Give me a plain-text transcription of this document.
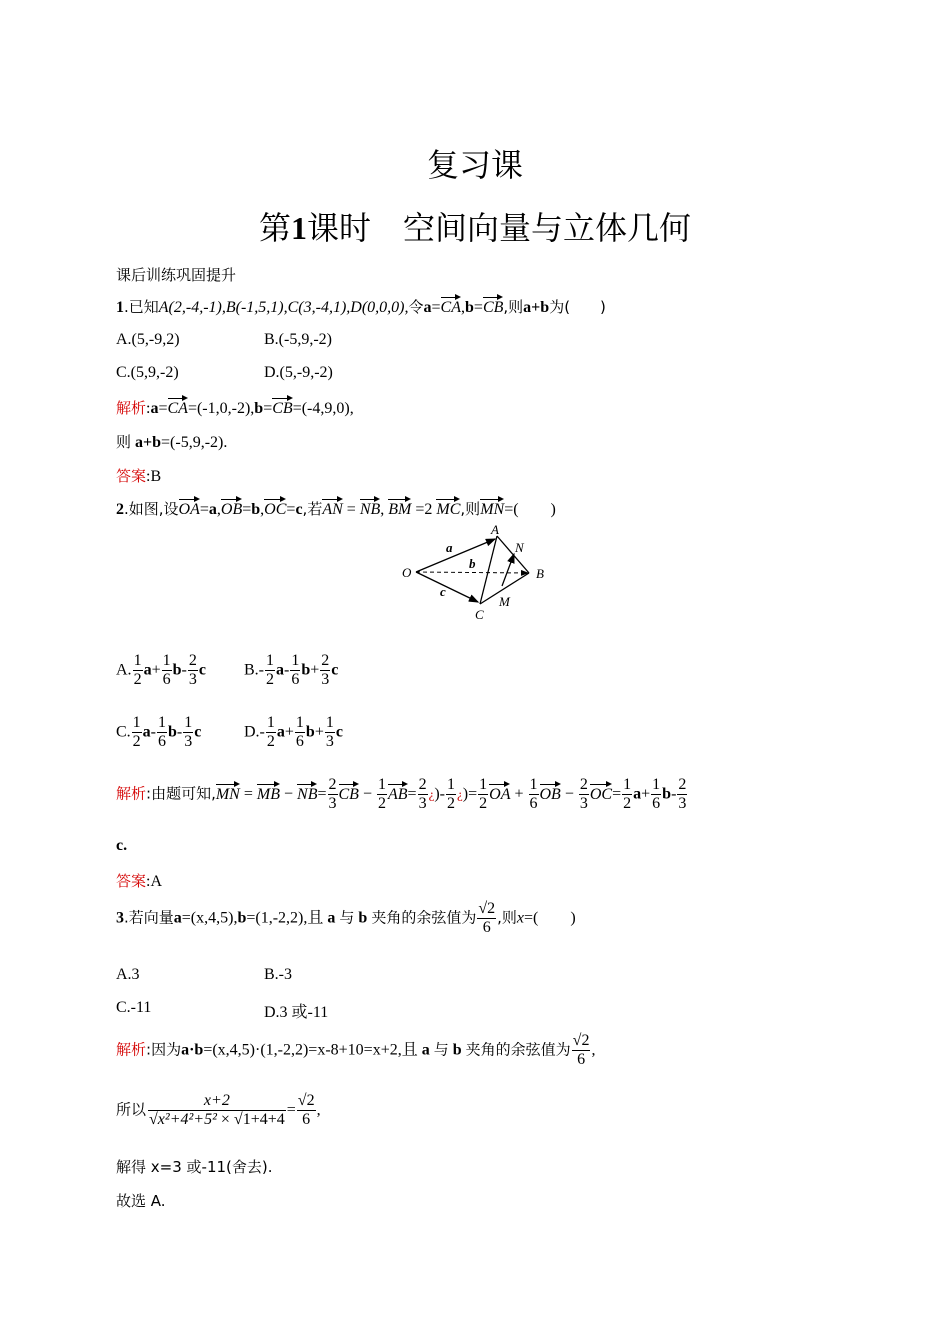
复习课
第1课时　空间向量与立体几何
课后训练巩固提升
1.已知A(2,-4,-1),B(-1,5,1),C(3,-4,1),D(0,0,0),令a=CA,b=CB,则a+b为(　　)
A.(5,-9,2)	B.(-5,9,-2)
C.(5,9,-2)	D.(5,-9,-2)
解析:a=CA=(-1,0,-2),b=CB=(-4,9,0),
则 a+b=(-5,9,-2).
答案:B
2.如图,设OA=a,OB=b,OC=c,若AN = NB, BM =2 MC,则MN=(　　)
O
A
B
C
N
M
a
b
c
A. $\frac{1}{2} a+ \frac{1}{6} b- \frac{2}{3}$ c $B.- \frac{1}{2} a- \frac{1}{6} b+ \frac{2}{3}$ c
C. $\frac{1}{2} a- \frac{1}{6} b- \frac{1}{3}$ c	$D.- \frac{1}{2} a+ \frac{1}{6} b+ \frac{1}{3}$ c
解析:由题可知,MN = MB − $NB= \frac{2}{3}$ CB − $\frac{1}{2} AB= \frac{2}{3}$ ¿)- $\frac{1}{2}$ ¿)= $\frac{1}{2}$ OA + $\frac{1}{6}$ OB − $\frac{2}{3} OC= \frac{1}{2} a+ \frac{1}{6} b- \frac{2}{3}$
c.
答案:A
3.若向量a=(x,4,5),b=(1,-2,2),且 a 与 b 夹角的余弦值为 $\frac{√2}{6}$ ,则x=(　　)
A.3	B.-3
C.-11	D.3 或-11
解析:因为a·b=(x,4,5)·(1,-2,2)=x-8+10=x+2,且 a 与 b 夹角的余弦值为 $\frac{√2}{6}$ ,
所以 $\frac{x+2}{\text{√x²+4²+5² × √1+4+4}} = \frac{√2}{6}$ ,
解得 x=3 或-11(舍去).
故选 A.
